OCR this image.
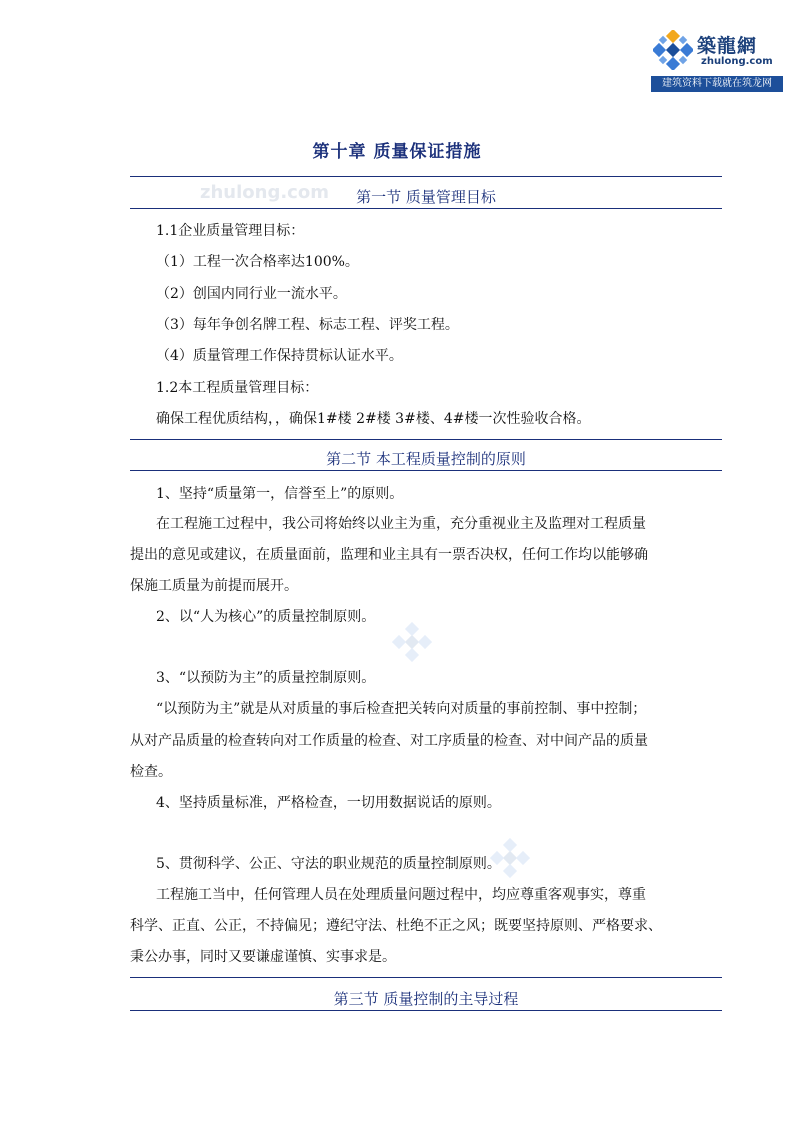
築龍網
zhulong.com
建筑资料下载就在筑龙网
zhulong.com
第十章 质量保证措施
第一节 质量管理目标
1.1企业质量管理目标：
（1）工程一次合格率达100%。
（2）创国内同行业一流水平。
（3）每年争创名牌工程、标志工程、评奖工程。
（4）质量管理工作保持贯标认证水平。
1.2本工程质量管理目标：
确保工程优质结构，，确保1#楼 2#楼 3#楼、4#楼一次性验收合格。
第二节 本工程质量控制的原则
1、坚持“质量第一，信誉至上”的原则。
在工程施工过程中，我公司将始终以业主为重，充分重视业主及监理对工程质量
提出的意见或建议，在质量面前，监理和业主具有一票否决权，任何工作均以能够确
保施工质量为前提而展开。
2、以“人为核心”的质量控制原则。
3、“以预防为主”的质量控制原则。
“以预防为主”就是从对质量的事后检查把关转向对质量的事前控制、事中控制；
从对产品质量的检查转向对工作质量的检查、对工序质量的检查、对中间产品的质量
检查。
4、坚持质量标准，严格检查，一切用数据说话的原则。
5、贯彻科学、公正、守法的职业规范的质量控制原则。
工程施工当中，任何管理人员在处理质量问题过程中，均应尊重客观事实，尊重
科学、正直、公正，不持偏见；遵纪守法、杜绝不正之风；既要坚持原则、严格要求、
秉公办事，同时又要谦虚谨慎、实事求是。
第三节 质量控制的主导过程
